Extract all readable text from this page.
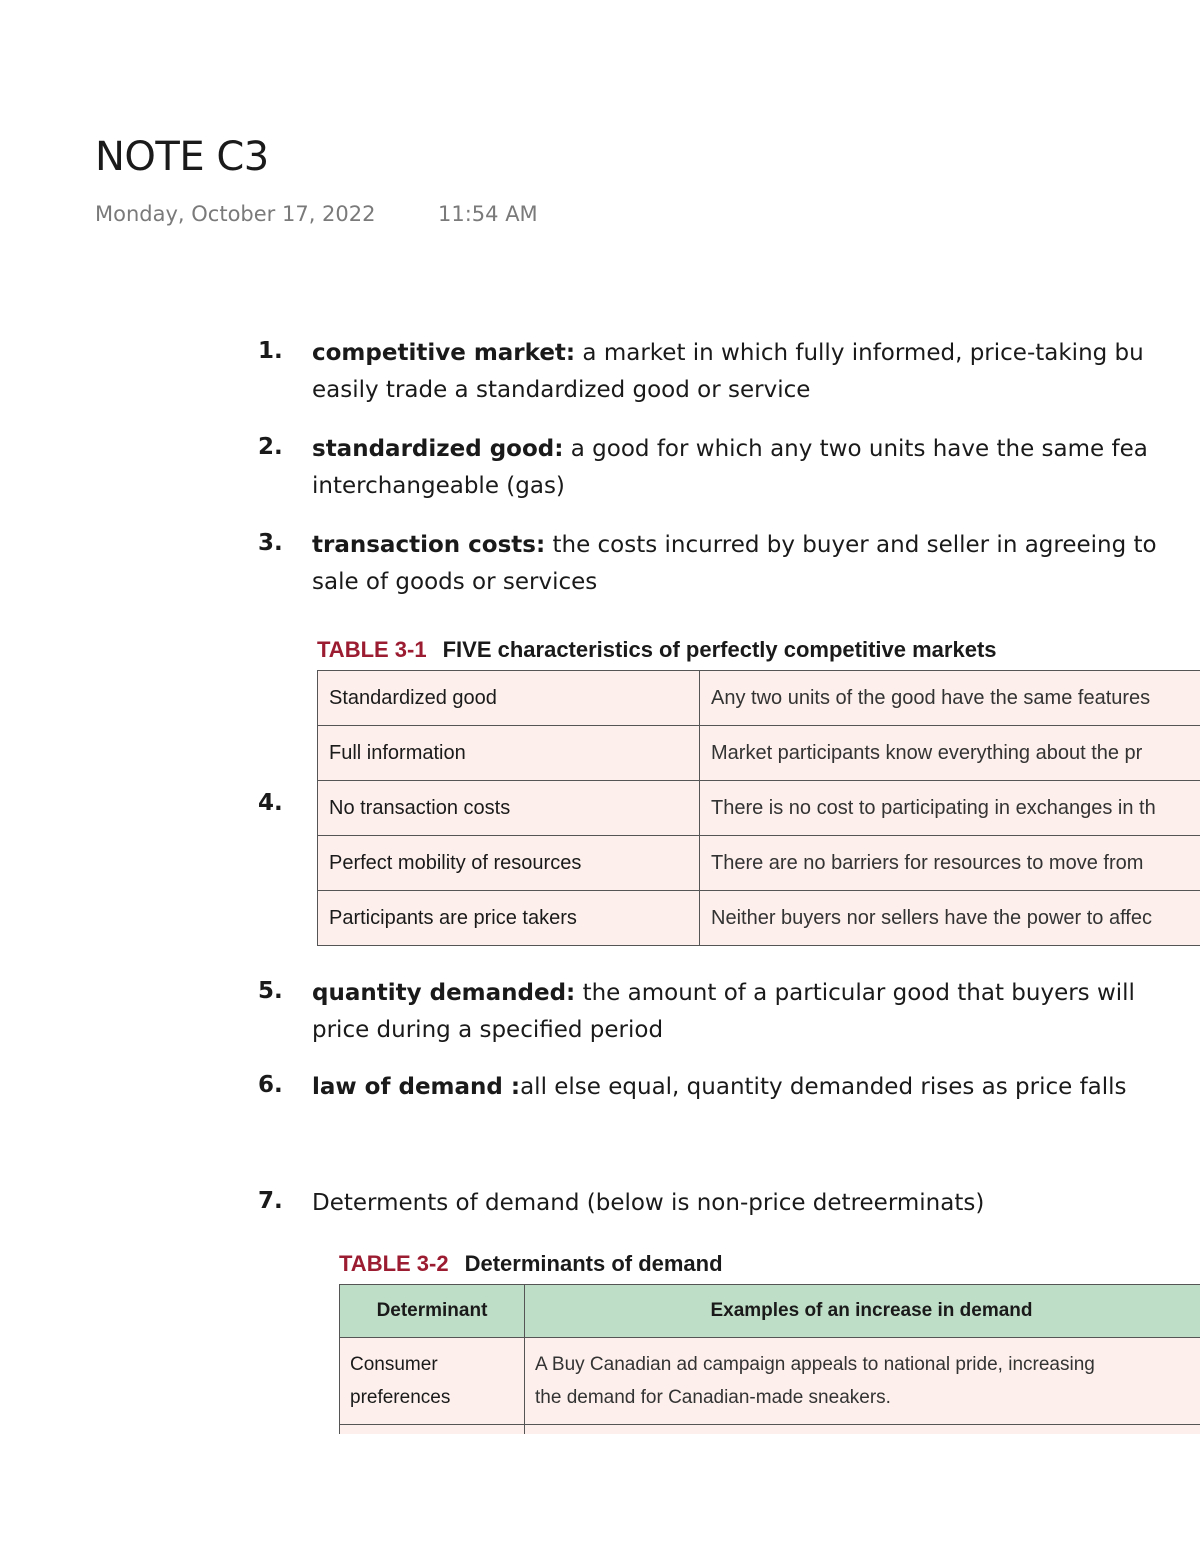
NOTE C3
Monday, October 17, 2022	11:54 AM
1. competitive market: a market in which fully informed, price-taking bu
easily trade a standardized good or service
2. standardized good: a good for which any two units have the same fea
interchangeable (gas)
3. transaction costs: the costs incurred by buyer and seller in agreeing to
sale of goods or services
TABLE 3-1 FIVE characteristics of perfectly competitive markets
4.
Standardized good	Any two units of the good have the same features
Full information	Market participants know everything about the pr
No transaction costs	There is no cost to participating in exchanges in th
Perfect mobility of resources	There are no barriers for resources to move from
Participants are price takers	Neither buyers nor sellers have the power to affec
5. quantity demanded: the amount of a particular good that buyers will
price during a specified period
6. law of demand :all else equal, quantity demanded rises as price falls
7. Determents of demand (below is non-price detreerminats)
TABLE 3-2 Determinants of demand
Determinant	Examples of an increase in demand
Consumer
preferences	A Buy Canadian ad campaign appeals to national pride, increasing
the demand for Canadian-made sneakers.
